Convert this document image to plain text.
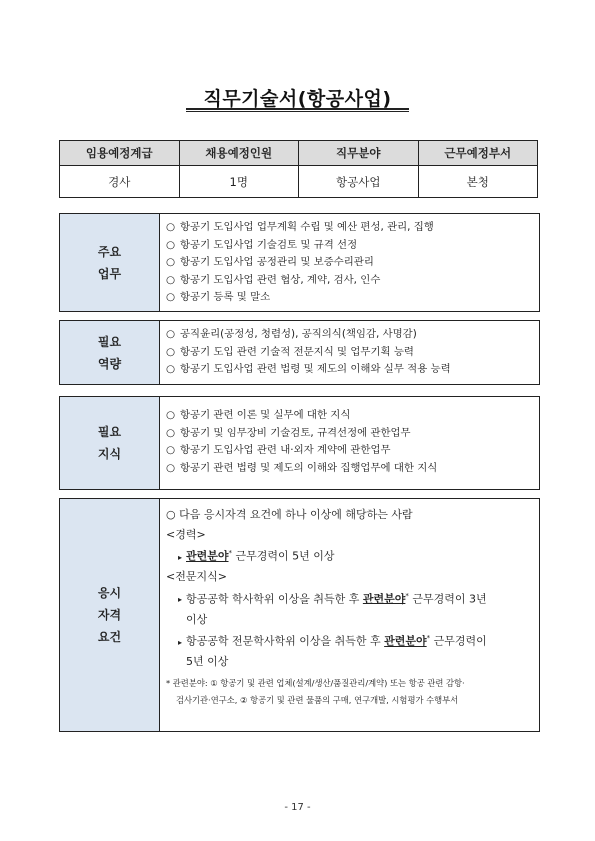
직무기술서(항공사업)
임용예정계급	채용예정인원	직무분야	근무예정부서
경사	1명	항공사업	본청
주요
업무
○ 항공기 도입사업 업무계획 수립 및 예산 편성, 관리, 집행
○ 항공기 도입사업 기술검토 및 규격 선정
○ 항공기 도입사업 공정관리 및 보증수리관리
○ 항공기 도입사업 관련 협상, 계약, 검사, 인수
○ 항공기 등록 및 말소
필요
역량
○ 공직윤리(공정성, 청렴성), 공직의식(책임감, 사명감)
○ 항공기 도입 관련 기술적 전문지식 및 업무기획 능력
○ 항공기 도입사업 관련 법령 및 제도의 이해와 실무 적용 능력
필요
지식
○ 항공기 관련 이론 및 실무에 대한 지식
○ 항공기 및 임무장비 기술검토, 규격선정에 관한업무
○ 항공기 도입사업 관련 내·외자 계약에 관한업무
○ 항공기 관련 법령 및 제도의 이해와 집행업무에 대한 지식
응시
자격
요건
○ 다음 응시자격 요건에 하나 이상에 해당하는 사람
<경력>
▸ 관련분야* 근무경력이 5년 이상
<전문지식>
▸ 항공공학 학사학위 이상을 취득한 후 관련분야* 근무경력이 3년
이상
▸ 항공공학 전문학사학위 이상을 취득한 후 관련분야* 근무경력이
5년 이상
* 관련분야: ① 항공기 및 관련 업체(설계/생산/품질관리/계약) 또는 항공 관련 감항·
검사기관·연구소, ② 항공기 및 관련 물품의 구매, 연구개발, 시험평가 수행부서
- 17 -
